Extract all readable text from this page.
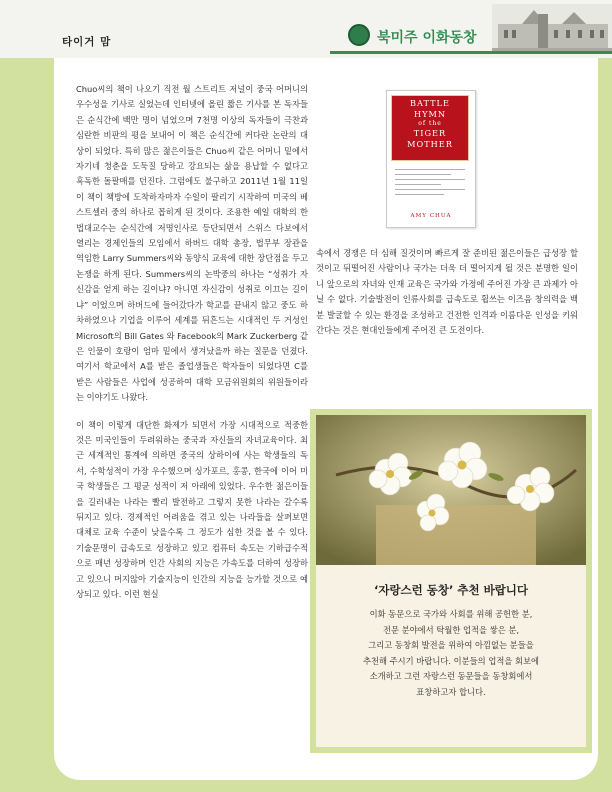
타이거 맘	북미주 이화동창

Chuo씨의 책이 나오기 직전 월 스트리트 저널이 중국 어머니의 우수성을 기사로 실었는데 인터넷에 올린 짧은 기사를 본 독자들은 순식간에 백만 명이 넘었으며 7천명 이상의 독자들이 극찬과 심란한 비판의 평을 보내어 이 책은 순식간에 커다란 논란의 대상이 되었다. 특히 많은 젊은이들은 Chuo씨 같은 어머니 밑에서 자기네 청춘을 도둑질 당하고 강요되는 삶을 용납할 수 없다고 혹독한 돌팔매를 던진다. 그럼에도 불구하고 2011년 1월 11일 이 책이 책방에 도착하자마자 수일이 팔리기 시작하여 미국의 베스트셀러 중의 하나로 꼽히게 된 것이다. 조용한 예일 대학의 한 법대교수는 순식간에 저명인사로 등단되면서 스위스 다보에서 열리는 경제인들의 모임에서 하버드 대학 총장, 법무부 장관을 역임한 Larry Summers씨와 동양식 교육에 대한 장단점을 두고 논쟁을 하게 된다. Summers씨의 논박중의 하나는 “성취가 자신감을 얻게 하는 길이냐? 아니면 자신감이 성취로 이끄는 길이냐” 이었으며 하버드에 들어갔다가 학교를 끝내지 않고 중도 하차하였으나 기업을 이루어 세계를 뒤흔드는 시대적인 두 거성인 Microsoft의 Bill Gates 와 Facebook의 Mark Zuckerberg 같은 인물이 호랑이 엄마 밑에서 생겨났을까 하는 질문을 던졌다. 여기서 학교에서 A를 받은 졸업생들은 학자들이 되었다면 C를 받은 사람들은 사업에 성공하여 대학 모금위원회의 위원들이라는 이야기도 나왔다.

이 책이 이렇게 대단한 화제가 되면서 가장 시대적으로 적중한 것은 미국인들이 두려워하는 중국과 자신들의 자녀교육이다. 최근 세계적인 통계에 의하면 중국의 상하이에 사는 학생들의 독서, 수학성적이 가장 우수했으며 싱가포르, 홍콩, 한국에 이어 미국 학생들은 그 평균 성적이 저 아래에 있었다. 우수한 젊은이들을 길러내는 나라는 빨리 발전하고 그렇지 못한 나라는 갈수록 뒤지고 있다. 경제적인 어려움을 겪고 있는 나라들을 살펴보면 대체로 교육 수준이 낮을수록 그 정도가 심한 것을 볼 수 있다. 기술문명이 급속도로 성장하고 있고 컴퓨터 속도는 기하급수적으로 매년 성장하며 인간 사회의 지능은 가속도를 더하여 성장하고 있으니 머지않아 기술지능이 인간의 지능을 능가할 것으로 예상되고 있다. 이런 현실

BATTLE
HYMN
of the
TIGER
MOTHER
AMY CHUA

속에서 경쟁은 더 심해 질것이며 빠르게 잘 준비된 젊은이들은 급성장 할 것이고 뒤떨어진 사람이나 국가는 더욱 더 떨어지게 될 것은 분명한 일이니 앞으로의 자녀와 인재 교육은 국가와 가정에 주어진 가장 큰 과제가 아닐 수 없다. 기술발전이 인류사회를 급속도로 휩쓰는 이즈음 창의력을 백분 발굴할 수 있는 환경을 조성하고 건전한 인격과 이름다운 인성을 키워간다는 것은 현대인들에게 주어진 큰 도전이다.

‘자랑스런 동창’ 추천 바랍니다

이화 동문으로 국가와 사회를 위해 공헌한 분,

전문 분야에서 탁월한 업적을 쌓은 분,

그리고 동창회 발전을 위하여 아낌없는 분들을

추천해 주시기 바랍니다. 이분들의 업적을 회보에

소개하고 그런 자랑스런 동문들을 동창회에서

표창하고자 합니다.
